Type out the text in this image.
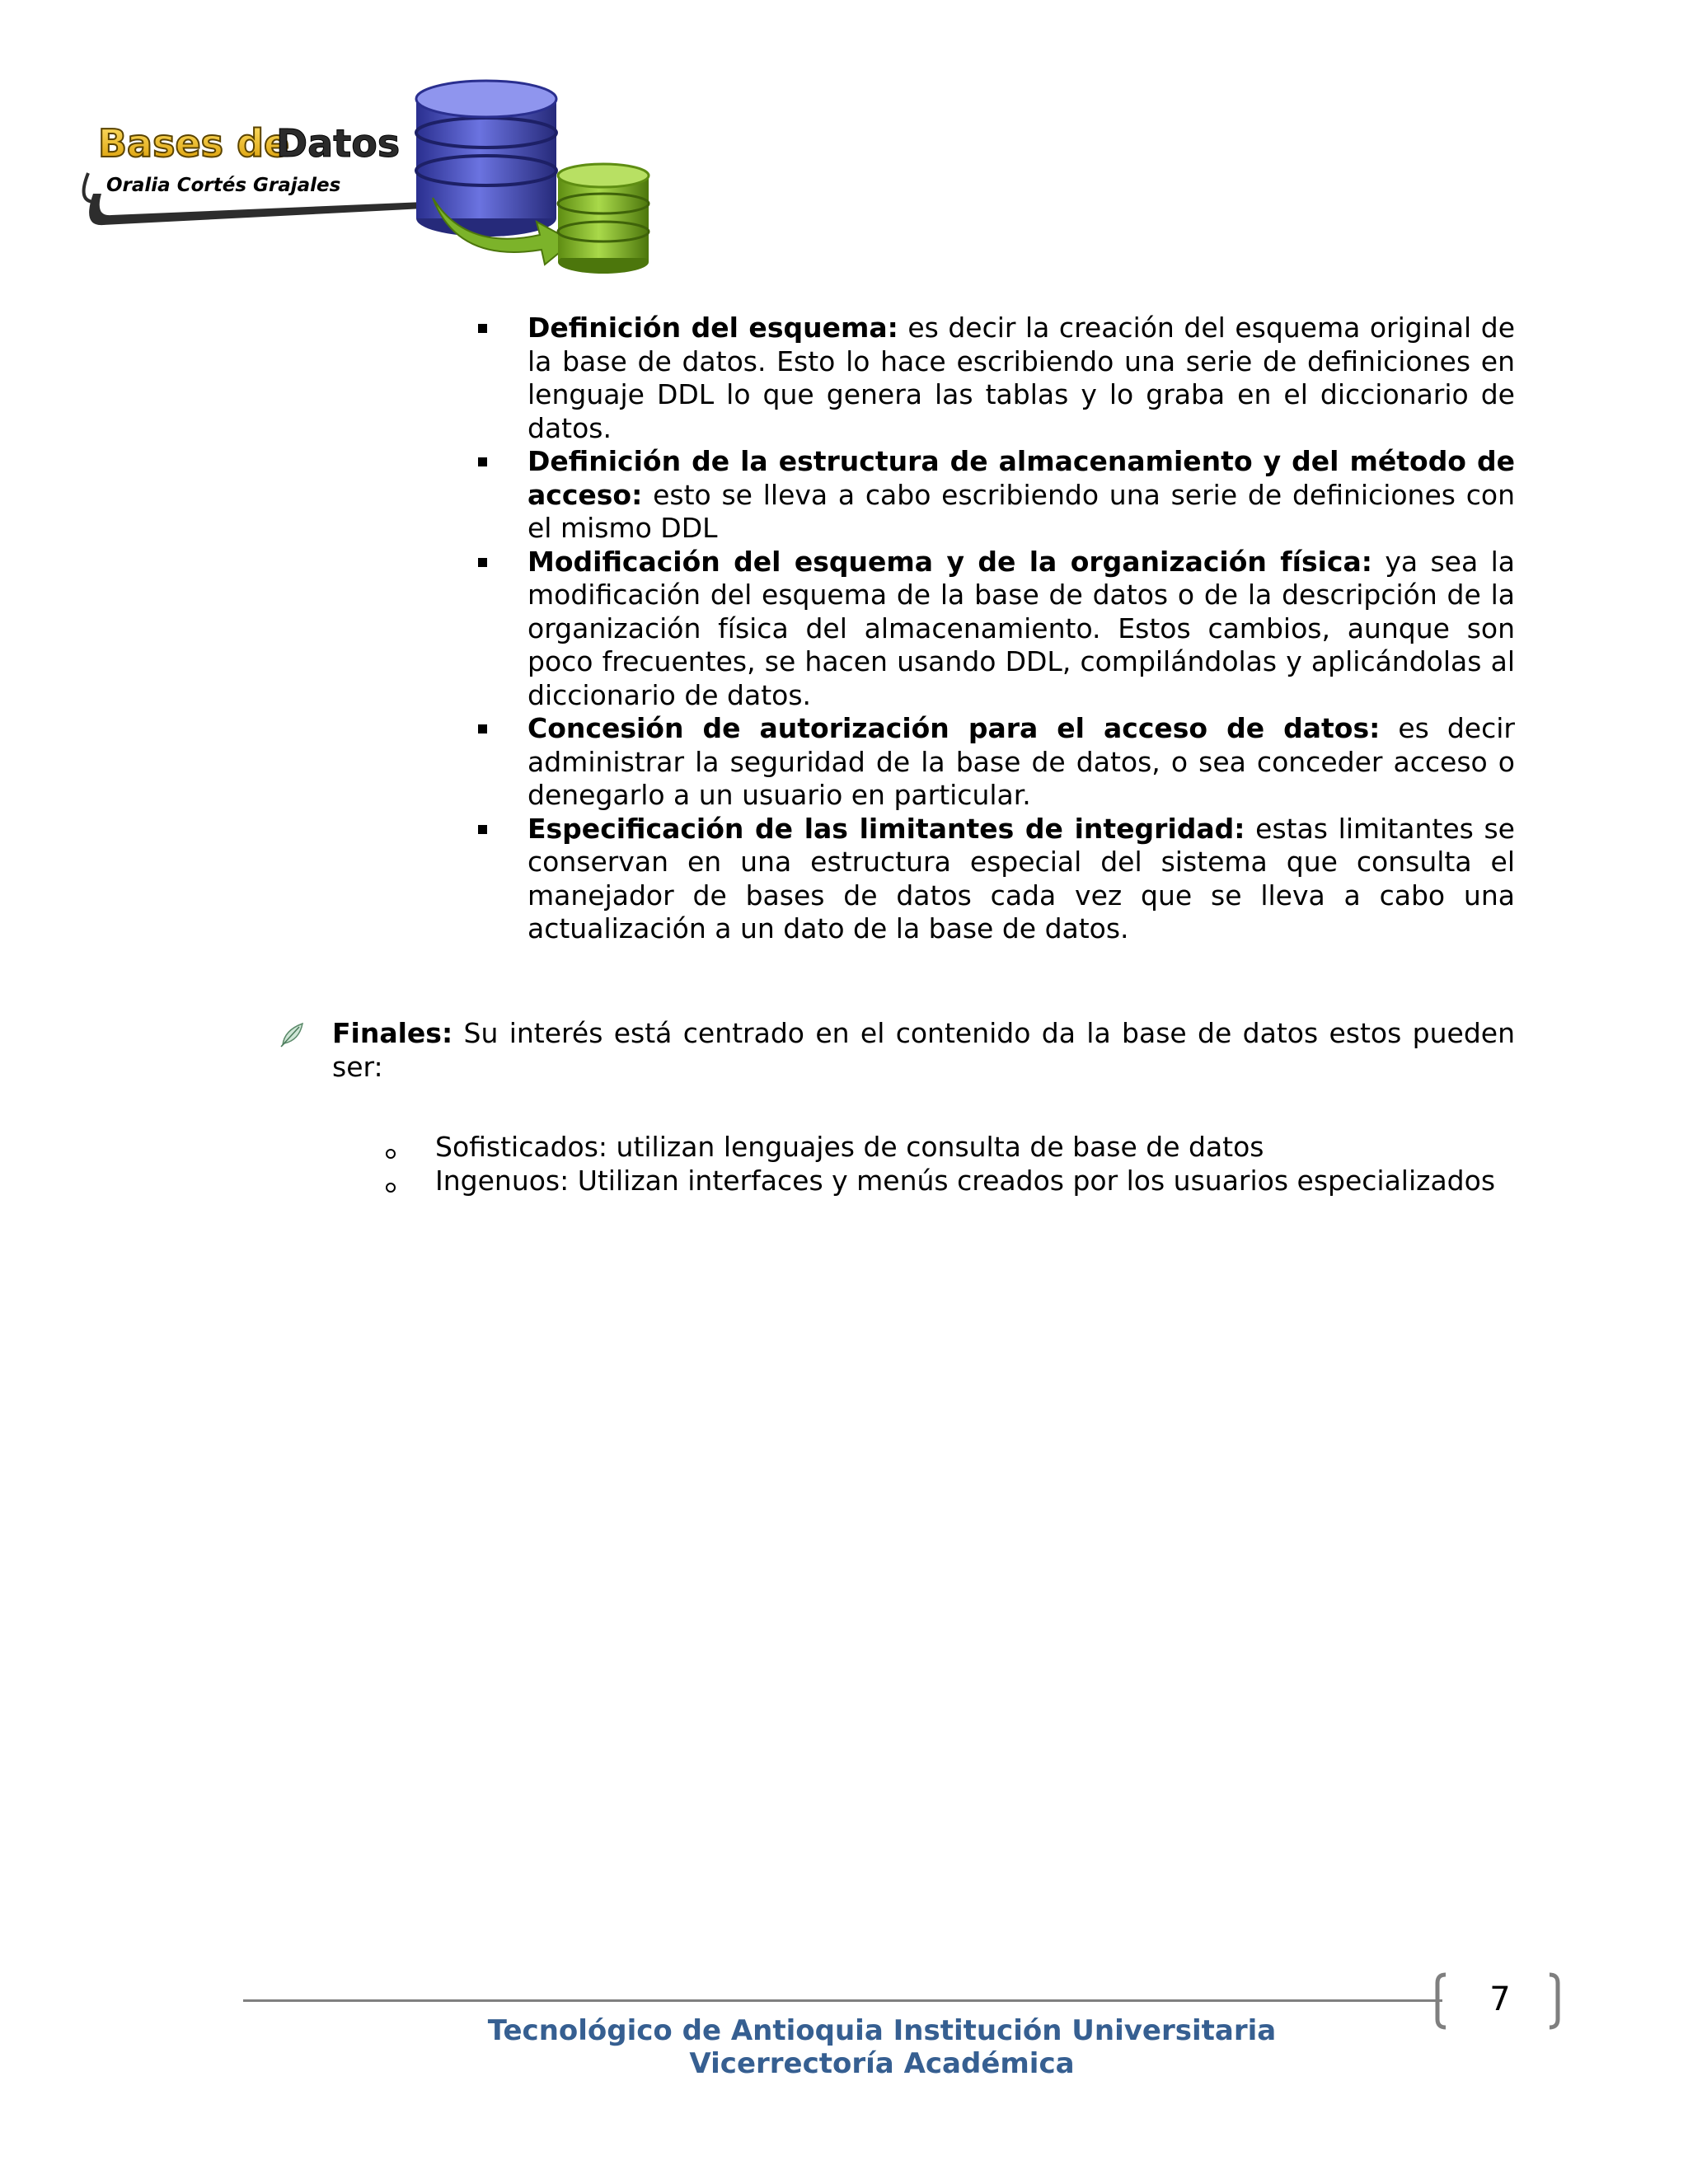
Bases de
Datos
Oralia Cortés Grajales
Definición del esquema: es decir la creación del esquema original de la base de datos. Esto lo hace escribiendo una serie de definiciones en lenguaje DDL lo que genera las tablas y lo graba en el diccionario de datos.
Definición de la estructura de almacenamiento y del método de acceso: esto se lleva a cabo escribiendo una serie de definiciones con el mismo DDL
Modificación del esquema y de la organización física: ya sea la modificación del esquema de la base de datos o de la descripción de la organización física del almacenamiento. Estos cambios, aunque son poco frecuentes, se hacen usando DDL, compilándolas y aplicándolas al diccionario de datos.
Concesión de autorización para el acceso de datos: es decir administrar la seguridad de la base de datos, o sea conceder acceso o denegarlo a un usuario en particular.
Especificación de las limitantes de integridad: estas limitantes se conservan en una estructura especial del sistema que consulta el manejador de bases de datos cada vez que se lleva a cabo una actualización a un dato de la base de datos.
Finales: Su interés está centrado en el contenido da la base de datos estos pueden ser:
Sofisticados: utilizan lenguajes de consulta de base de datos
Ingenuos: Utilizan interfaces y menús creados por los usuarios especializados
7
Tecnológico de Antioquia Institución Universitaria
Vicerrectoría Académica
